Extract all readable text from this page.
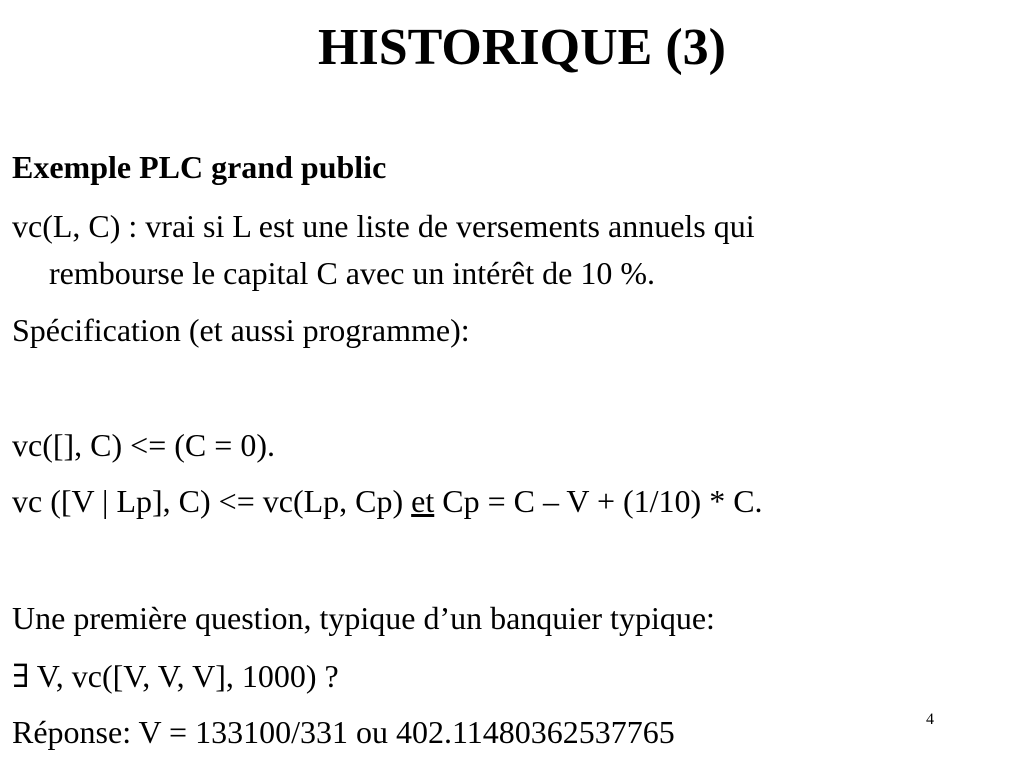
HISTORIQUE (3)
Exemple PLC grand public
vc(L, C) : vrai si L est une liste de versements annuels qui
rembourse le capital C avec un intérêt de 10 %.
Spécification (et aussi programme):
vc([], C) <= (C = 0).
vc ([V | Lp], C) <= vc(Lp, Cp) et Cp = C – V + (1/10) * C.
Une première question, typique d’un banquier typique:
∃ V, vc([V, V, V], 1000) ?
Réponse: V = 133100/331 ou 402.11480362537765	4
